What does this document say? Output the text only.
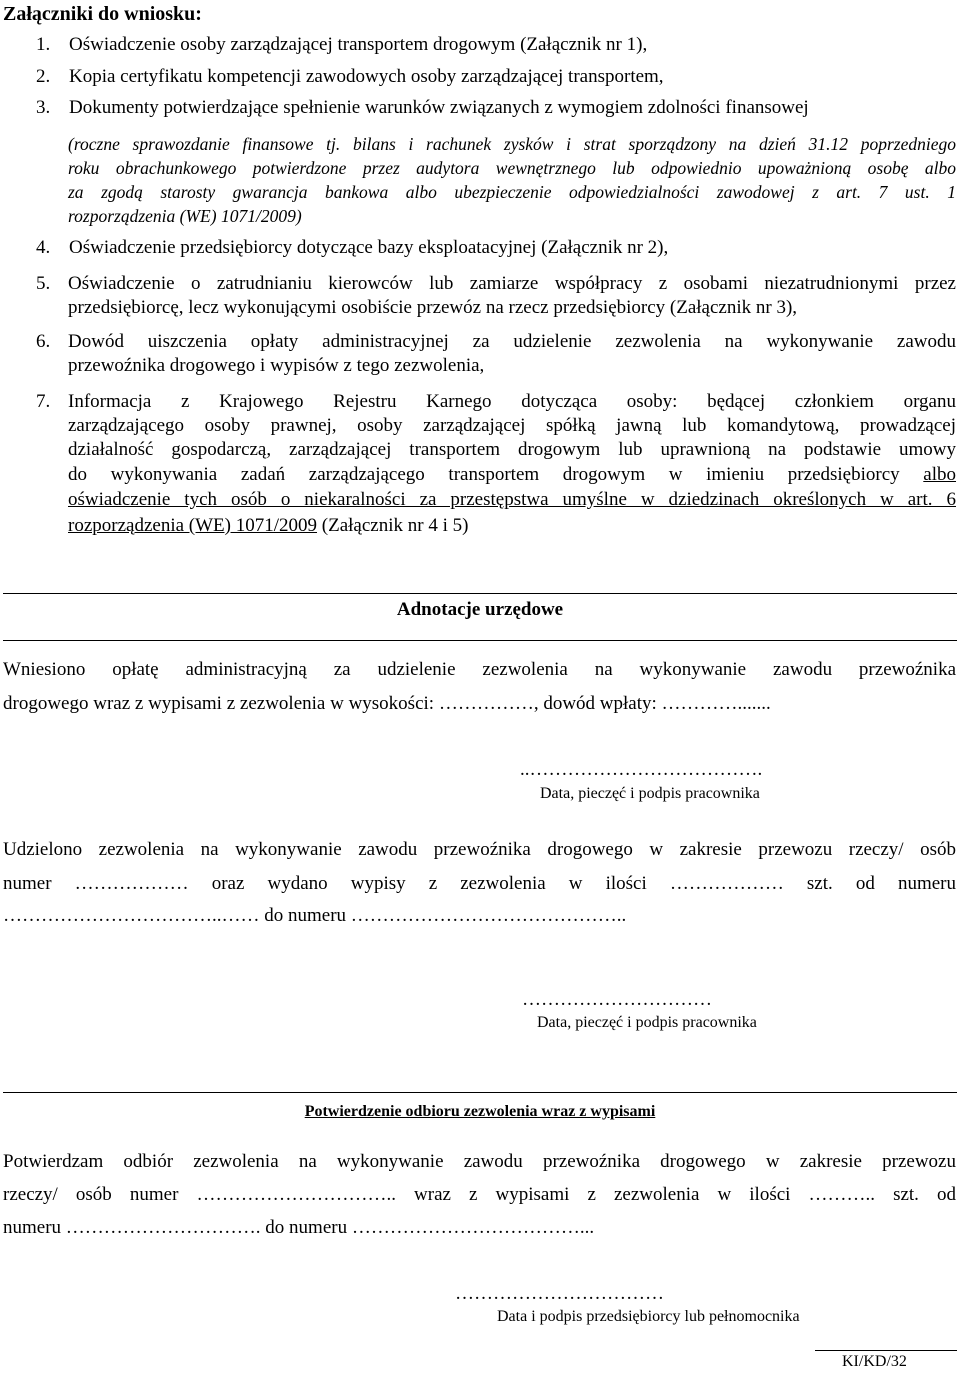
Załączniki do wniosku:
1. Oświadczenie osoby zarządzającej transportem drogowym (Załącznik nr 1),
2. Kopia certyfikatu kompetencji zawodowych osoby zarządzającej transportem,
3. Dokumenty potwierdzające spełnienie warunków związanych z wymogiem zdolności finansowej
(roczne sprawozdanie finansowe tj. bilans i rachunek zysków i strat sporządzony na dzień 31.12 poprzedniego
roku obrachunkowego potwierdzone przez audytora wewnętrznego lub odpowiednio upoważnioną osobę albo
za zgodą starosty gwarancja bankowa albo ubezpieczenie odpowiedzialności zawodowej z art. 7 ust. 1
rozporządzenia (WE) 1071/2009)
4. Oświadczenie przedsiębiorcy dotyczące bazy eksploatacyjnej (Załącznik nr 2),
5. Oświadczenie o zatrudnianiu kierowców lub zamiarze współpracy z osobami niezatrudnionymi przez
przedsiębiorcę, lecz wykonującymi osobiście przewóz na rzecz przedsiębiorcy (Załącznik nr 3),
6. Dowód uiszczenia opłaty administracyjnej za udzielenie zezwolenia na wykonywanie zawodu
przewoźnika drogowego i wypisów z tego zezwolenia,
7. Informacja z Krajowego Rejestru Karnego dotycząca osoby: będącej członkiem organu
zarządzającego osoby prawnej, osoby zarządzającej spółką jawną lub komandytową, prowadzącej
działalność gospodarczą, zarządzającej transportem drogowym lub uprawnioną na podstawie umowy
do wykonywania zadań zarządzającego transportem drogowym w imieniu przedsiębiorcy albo
oświadczenie tych osób o niekaralności za przestępstwa umyślne w dziedzinach określonych w art. 6
rozporządzenia (WE) 1071/2009 (Załącznik nr 4 i 5)
Adnotacje urzędowe
Wniesiono opłatę administracyjną za udzielenie zezwolenia na wykonywanie zawodu przewoźnika
drogowego wraz z wypisami z zezwolenia w wysokości: ……………, dowód wpłaty: ………….......
..……………………………….
Data, pieczęć i podpis pracownika
Udzielono zezwolenia na wykonywanie zawodu przewoźnika drogowego w zakresie przewozu rzeczy/ osób
numer ……………… oraz wydano wypisy z zezwolenia w ilości ……………… szt. od numeru
……………………………..…… do numeru ……………………………………..
…………………………
Data, pieczęć i podpis pracownika
Potwierdzenie odbioru zezwolenia wraz z wypisami
Potwierdzam odbiór zezwolenia na wykonywanie zawodu przewoźnika drogowego w zakresie przewozu
rzeczy/ osób numer ………………………….. wraz z wypisami z zezwolenia w ilości ……….. szt. od
numeru …………………………. do numeru ………………………………...
……………………………
Data i podpis przedsiębiorcy lub pełnomocnika
KI/KD/32
